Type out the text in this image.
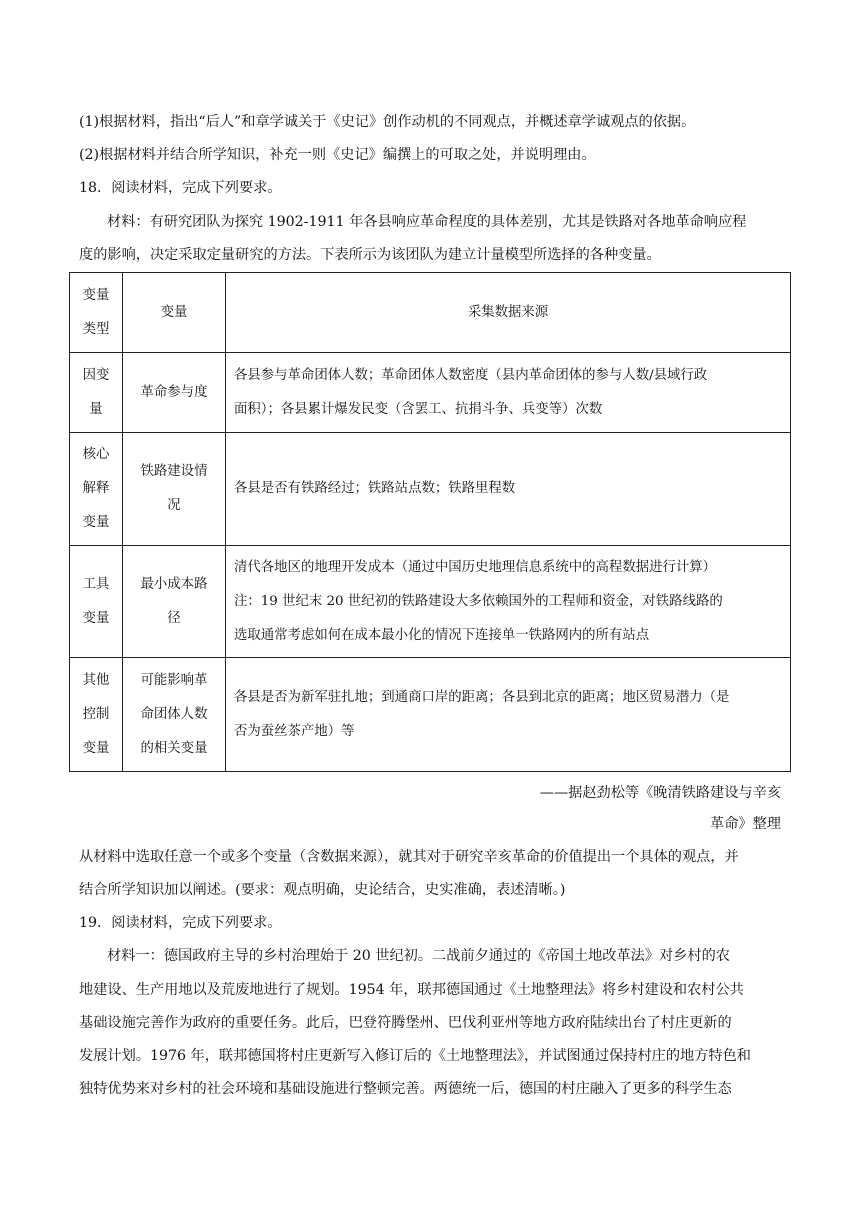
(1)根据材料，指出“后人”和章学诚关于《史记》创作动机的不同观点，并概述章学诚观点的依据。
(2)根据材料并结合所学知识，补充一则《史记》编撰上的可取之处，并说明理由。
18．阅读材料，完成下列要求。
材料：有研究团队为探究 1902-1911 年各县响应革命程度的具体差别，尤其是铁路对各地革命响应程
度的影响，决定采取定量研究的方法。下表所示为该团队为建立计量模型所选择的各种变量。
变量
类型	变量	采集数据来源

因变
量	革命参与度	各县参与革命团体人数；革命团体人数密度（县内革命团体的参与人数/县域行政
面积）；各县累计爆发民变（含罢工、抗捐斗争、兵变等）次数

核心
解释
变量	铁路建设情
况	各县是否有铁路经过；铁路站点数；铁路里程数

工具
变量	最小成本路
径	清代各地区的地理开发成本（通过中国历史地理信息系统中的高程数据进行计算）
注：19 世纪末 20 世纪初的铁路建设大多依赖国外的工程师和资金，对铁路线路的
选取通常考虑如何在成本最小化的情况下连接单一铁路网内的所有站点

其他
控制
变量	可能影响革
命团体人数
的相关变量	各县是否为新军驻扎地；到通商口岸的距离；各县到北京的距离；地区贸易潜力（是
否为蚕丝茶产地）等
——据赵劲松等《晚清铁路建设与辛亥
革命》整理
从材料中选取任意一个或多个变量（含数据来源），就其对于研究辛亥革命的价值提出一个具体的观点，并
结合所学知识加以阐述。(要求：观点明确，史论结合，史实准确，表述清晰。)
19．阅读材料，完成下列要求。
材料一：德国政府主导的乡村治理始于 20 世纪初。二战前夕通过的《帝国土地改革法》对乡村的农
地建设、生产用地以及荒废地进行了规划。1954 年，联邦德国通过《土地整理法》将乡村建设和农村公共
基础设施完善作为政府的重要任务。此后，巴登符腾堡州、巴伐利亚州等地方政府陆续出台了村庄更新的
发展计划。1976 年，联邦德国将村庄更新写入修订后的《土地整理法》，并试图通过保持村庄的地方特色和
独特优势来对乡村的社会环境和基础设施进行整顿完善。两德统一后，德国的村庄融入了更多的科学生态
